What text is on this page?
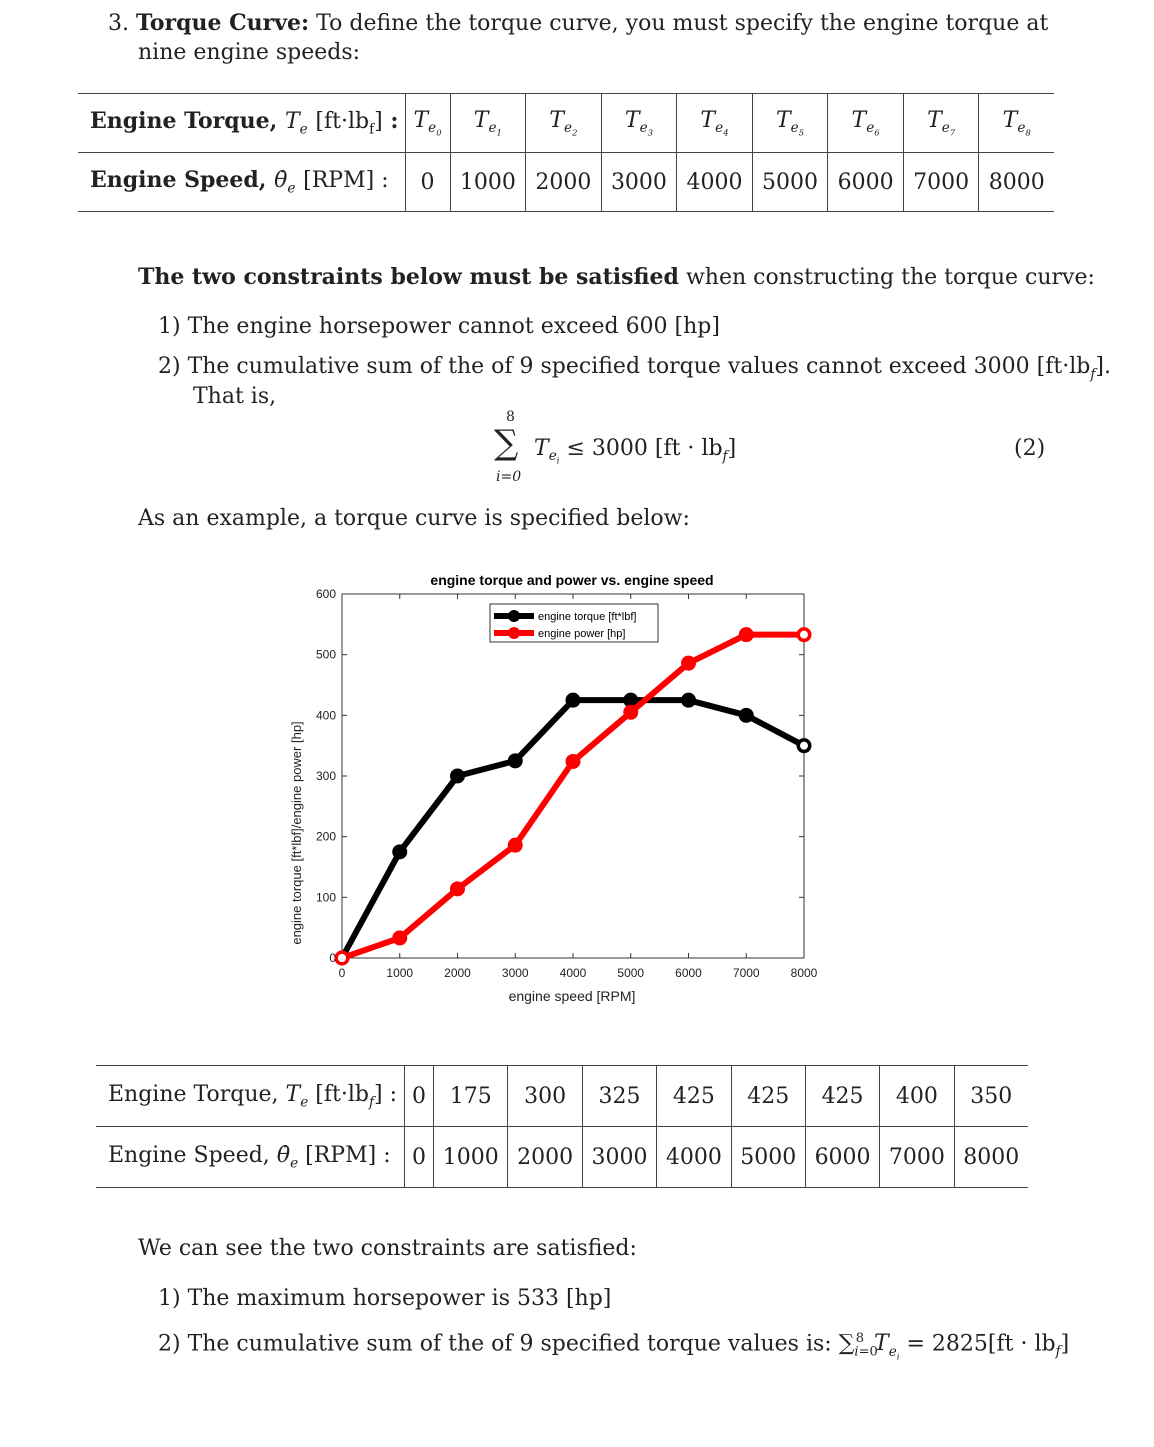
3. Torque Curve: To define the torque curve, you must specify the engine torque at
nine engine speeds:
Engine Torque, $T_e$ $[ft\cdot lb_f]$ :	$T_{e_0}$	$T_{e_1}$	$T_{e_2}$	$T_{e_3}$	$T_{e_4}$	$T_{e_5}$	$T_{e_6}$	$T_{e_7}$	$T_{e_8}$
Engine Speed, $\thetȧ_e$ [RPM] :	0	1000	2000	3000	4000	5000	6000	7000	8000
The two constraints below must be satisfied when constructing the torque curve:
1) The engine horsepower cannot exceed 600 [hp]
2) The cumulative sum of the of 9 specified torque values cannot exceed 3000 $[ft\cdot lb_f]$.
That is,
8
∑ $T_{e_i} \le 3000$ $[ft \cdot lb_f]$
i=0
(2)
As an example, a torque curve is specified below:
engine torque and power vs. engine speed
engine speed [RPM]
engine torque [ft*lbf]/engine power [hp]
0	1000	2000	3000	4000	5000	6000	7000	8000
0
100
200
300
400
500
600
engine torque [ft*lbf]
engine power [hp]
Engine Torque, $T_e$ $[ft\cdot lb_f]$ :	0	175	300	325	425	425	425	400	350
Engine Speed, $\thetȧ_e$ [RPM] :	0	1000	2000	3000	4000	5000	6000	7000	8000
We can see the two constraints are satisfied:
1) The maximum horsepower is 533 [hp]
2) The cumulative sum of the of 9 specified torque values is: $\sum_{i=0}^8$ $T_{e_i} = 2825[ft \cdot lb_f]$
